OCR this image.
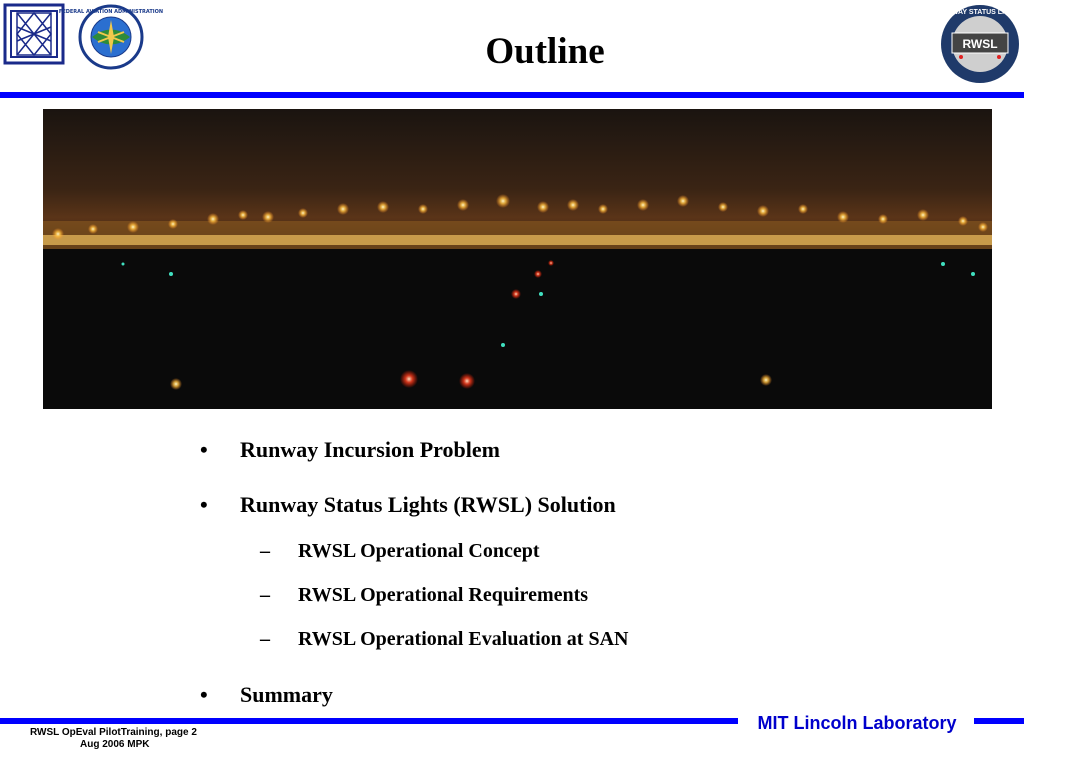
FEDERAL AVIATION ADMINISTRATION
RWSL
RUNWAY STATUS LIGHTS
Outline
•	Runway Incursion Problem
•	Runway Status Lights (RWSL) Solution
–	RWSL Operational Concept
–	RWSL Operational Requirements
–	RWSL Operational Evaluation at SAN
•	Summary
MIT Lincoln Laboratory
RWSL OpEval PilotTraining, page 2
Aug 2006 MPK
